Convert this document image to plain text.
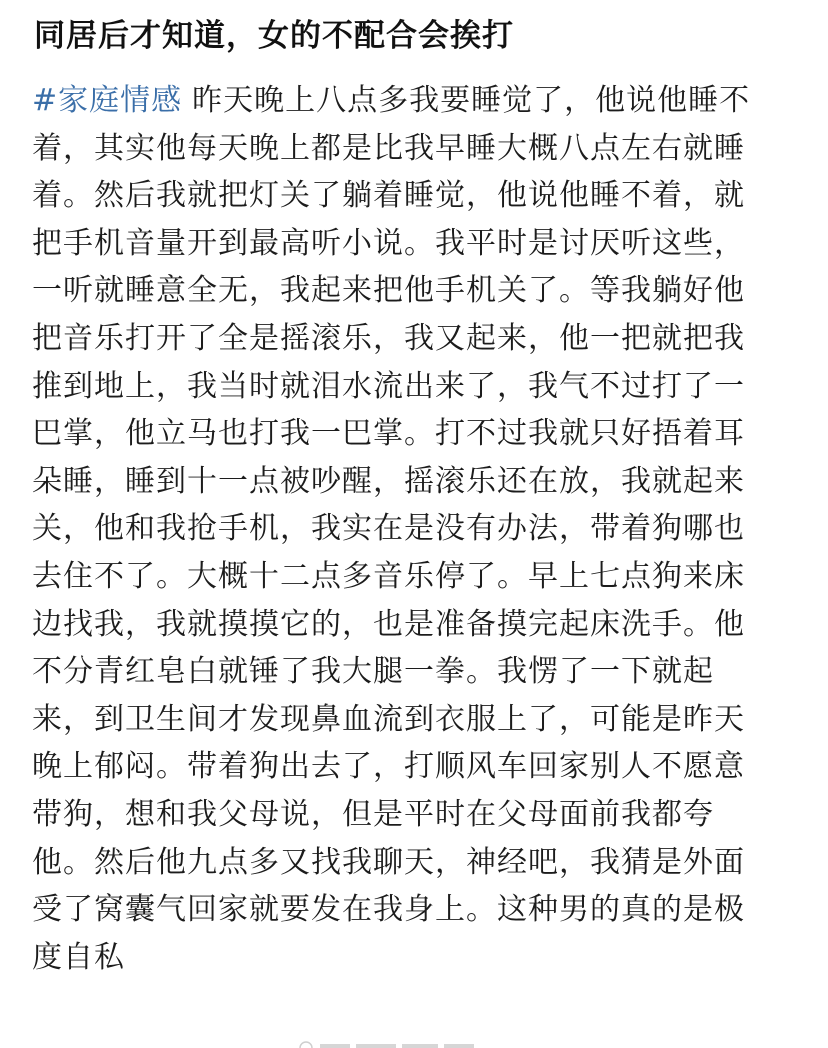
同居后才知道，女的不配合会挨打
#家庭情感 昨天晚上八点多我要睡觉了，他说他睡不
着，其实他每天晚上都是比我早睡大概八点左右就睡
着。然后我就把灯关了躺着睡觉，他说他睡不着，就
把手机音量开到最高听小说。我平时是讨厌听这些，
一听就睡意全无，我起来把他手机关了。等我躺好他
把音乐打开了全是摇滚乐，我又起来，他一把就把我
推到地上，我当时就泪水流出来了，我气不过打了一
巴掌，他立马也打我一巴掌。打不过我就只好捂着耳
朵睡，睡到十一点被吵醒，摇滚乐还在放，我就起来
关，他和我抢手机，我实在是没有办法，带着狗哪也
去住不了。大概十二点多音乐停了。早上七点狗来床
边找我，我就摸摸它的，也是准备摸完起床洗手。他
不分青红皂白就锤了我大腿一拳。我愣了一下就起
来，到卫生间才发现鼻血流到衣服上了，可能是昨天
晚上郁闷。带着狗出去了，打顺风车回家别人不愿意
带狗，想和我父母说，但是平时在父母面前我都夸
他。然后他九点多又找我聊天，神经吧，我猜是外面
受了窝囊气回家就要发在我身上。这种男的真的是极
度自私
